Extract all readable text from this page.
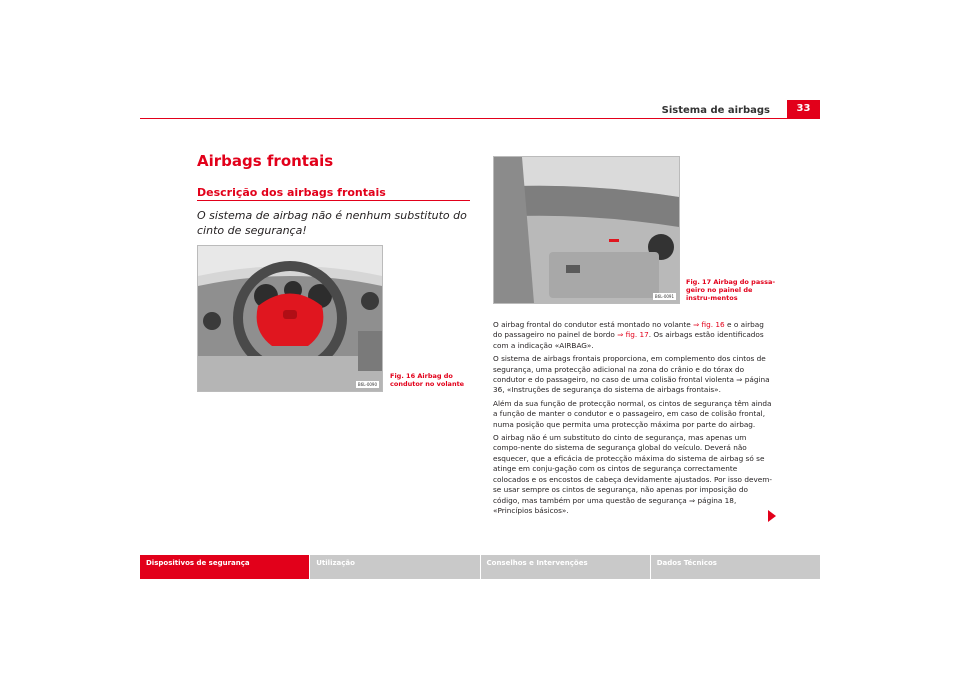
Sistema de airbags	33
Airbags frontais
Descrição dos airbags frontais
O sistema de airbag não é nenhum substituto do cinto de segurança!
B6L-0090
Fig. 16 Airbag do condutor no volante
B6L-0091
Fig. 17 Airbag do passa-geiro no painel de instru-mentos

O airbag frontal do condutor está montado no volante ⇒ fig. 16 e o airbag do passageiro no painel de bordo ⇒ fig. 17. Os airbags estão identificados com a indicação «AIRBAG».

O sistema de airbags frontais proporciona, em complemento dos cintos de segurança, uma protecção adicional na zona do crânio e do tórax do condutor e do passageiro, no caso de uma colisão frontal violenta ⇒ página 36, «Instruções de segurança do sistema de airbags frontais».

Além da sua função de protecção normal, os cintos de segurança têm ainda a função de manter o condutor e o passageiro, em caso de colisão frontal, numa posição que permita uma protecção máxima por parte do airbag.

O airbag não é um substituto do cinto de segurança, mas apenas um compo-nente do sistema de segurança global do veículo. Deverá não esquecer, que a eficácia de protecção máxima do sistema de airbag só se atinge em conju-gação com os cintos de segurança correctamente colocados e os encostos de cabeça devidamente ajustados. Por isso devem-se usar sempre os cintos de segurança, não apenas por imposição do código, mas também por uma questão de segurança ⇒ página 18, «Princípios básicos».

Dispositivos de segurança	Utilização	Conselhos e Intervenções	Dados Técnicos
